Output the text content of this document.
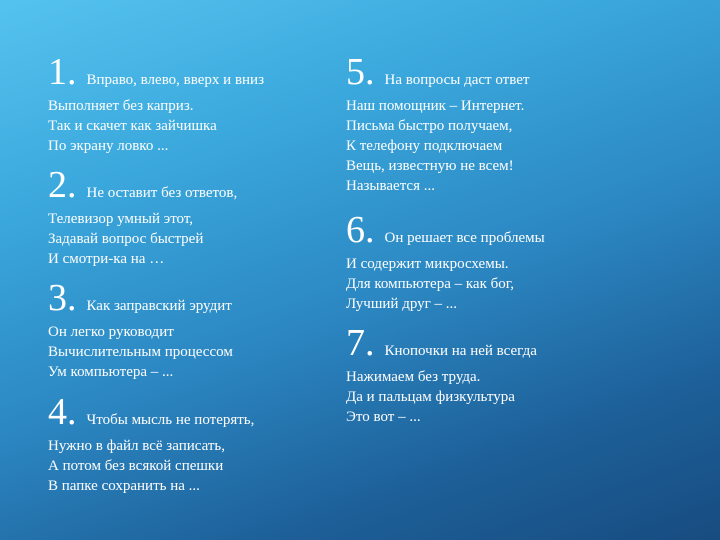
1. Вправо, влево, вверх и вниз
Выполняет без каприз.
Так и скачет как зайчишка
По экрану ловко ...
2. Не оставит без ответов,
Телевизор умный этот,
Задавай вопрос быстрей
И смотри-ка на …
3. Как заправский эрудит
Он легко руководит
Вычислительным процессом
Ум компьютера – ...
4. Чтобы мысль не потерять,
Нужно в файл всё записать,
А потом без всякой спешки
В папке сохранить на ...
5. На вопросы даст ответ
Наш помощник – Интернет.
Письма быстро получаем,
К телефону подключаем
Вещь, известную не всем!
Называется ...
6. Он решает все проблемы
И содержит микросхемы.
Для компьютера – как бог,
Лучший друг – ...
7. Кнопочки на ней всегда
Нажимаем без труда.
Да и пальцам физкультура
Это вот – ...
